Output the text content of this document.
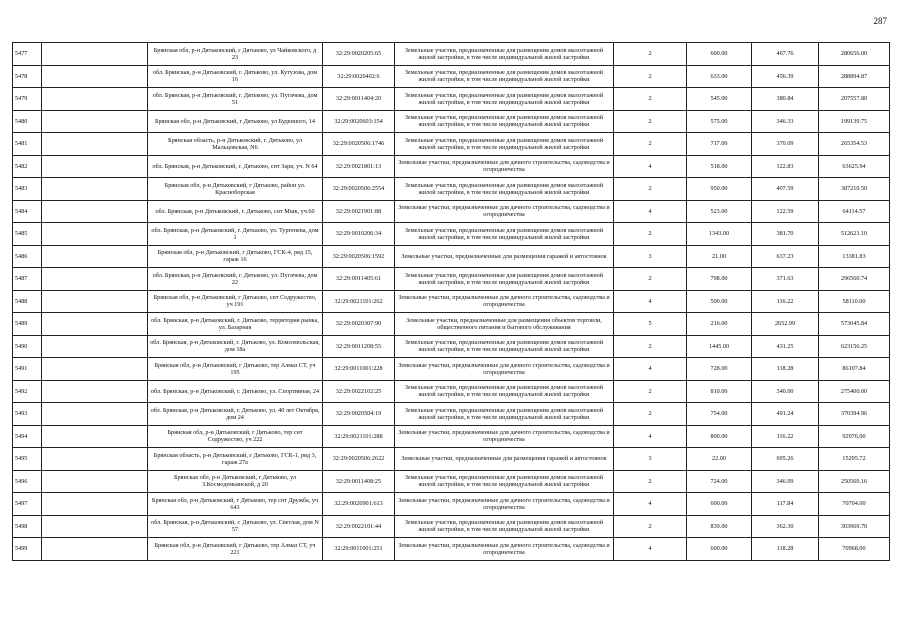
287
5477		Брянская обл, р-н Дятьковский, г Дятьково, ул Чайковского, д 23	32:29:0020205:65	Земельные участки, предназначенные для размещения домов малоэтажной жилой застройки, в том числе индивидуальной жилой застройки	2	600.00	467.76	280656.00
5478		обл. Брянская, р-н Дятьковский, г. Дятьково, ул. Кутузова, дом 16	32:29:0020402:6	Земельные участки, предназначенные для размещения домов малоэтажной жилой застройки, в том числе индивидуальной жилой застройки	2	633.00	456.39	288894.87
5479		обл. Брянская, р-н Дятьковский, г. Дятьково, ул. Пугачева, дом 51	32:29:0011404:20	Земельные участки, предназначенные для размещения домов малоэтажной жилой застройки, в том числе индивидуальной жилой застройки	2	545.00	380.84	207557.80
5480		Брянская обл, р-н Дятьковский, г Дятьково, ул Буденного, 14	32:29:0020603:154	Земельные участки, предназначенные для размещения домов малоэтажной жилой застройки, в том числе индивидуальной жилой застройки	2	575.00	346.33	199139.75
5481		Брянская область, р-н Дятьковский, г. Дятьково, ул Мальцовская, N6	32:29:0020506:1746	Земельные участки, предназначенные для размещения домов малоэтажной жилой застройки, в том числе индивидуальной жилой застройки	2	717.00	370.09	265354.53
5482		обл. Брянская, р-н Дятьковский, г. Дятьково, снт Заря, уч. N 64	32:29:0021801:13	Земельные участки, предназначенные для дачного строительства, садоводства и огородничества	4	518.00	122.83	63625.94
5483		Брянская обл, р-н Дятьковский, г Дятьково, район ул. Красноборская	32:29:0020506:2554	Земельные участки, предназначенные для размещения домов малоэтажной жилой застройки, в том числе индивидуальной жилой застройки	2	950.00	407.59	387210.50
5484		обл. Брянская, р-н Дятьковский, г. Дятьково, снт Мшк, уч.60	32:29:0021901:88	Земельные участки, предназначенные для дачного строительства, садоводства и огородничества	4	523.00	122.59	64114.57
5485		обл. Брянская, р-н Дятьковский, г. Дятьково, ул. Тургенева, дом 1	32:29:0010206:34	Земельные участки, предназначенные для размещения домов малоэтажной жилой застройки, в том числе индивидуальной жилой застройки	2	1343.00	381.70	512623.10
5486		Брянская обл, р-н Дятьковский, г Дятьково, ГСК-4, ряд 15, гараж 16	32:29:0020506:1592	Земельные участки, предназначенные для размещения гаражей и автостоянок	3	21.00	637.23	13381.83
5487		обл. Брянская, р-н Дятьковский, г. Дятьково, ул. Пугачева, дом 22	32:29:0011405:61	Земельные участки, предназначенные для размещения домов малоэтажной жилой застройки, в том числе индивидуальной жилой застройки	2	798.00	371.63	296560.74
5488		Брянская обл, р-н Дятьковский, г Дятьково, снт Содружество, уч 191	32:29:0021101:262	Земельные участки, предназначенные для дачного строительства, садоводства и огородничества	4	500.00	116.22	58110.00
5489		обл. Брянская, р-н Дятьковский, г. Дятьково, территория рынка, ул. Базарная	32:29:0020307:90	Земельные участки, предназначенные для размещения объектов торговли, общественного питания и бытового обслуживания	5	216.00	2652.99	573045.84
5490		обл. Брянская, р-н Дятьковский, г. Дятьково, ул. Комсомольская, дом 18а	32:29:0011208:55	Земельные участки, предназначенные для размещения домов малоэтажной жилой застройки, в том числе индивидуальной жилой застройки	2	1445.00	431.25	623156.25
5491		Брянская обл, р-н Дятьковский, г Дятьково, тер Алмаз СТ, уч 195	32:29:0011001:228	Земельные участки, предназначенные для дачного строительства, садоводства и огородничества	4	728.00	118.28	86107.84
5492		обл. Брянская, р-н Дятьковский, г. Дятьково, ул. Спортивная, 24	32:29:0022102:25	Земельные участки, предназначенные для размещения домов малоэтажной жилой застройки, в том числе индивидуальной жилой застройки	2	810.00	340.00	275400.00
5493		обл. Брянская, р-н Дятьковский, г. Дятьково, ул. 40 лет Октября, дом 24	32:29:0020504:19	Земельные участки, предназначенные для размещения домов малоэтажной жилой застройки, в том числе индивидуальной жилой застройки	2	754.00	491.24	370394.96
5494		Брянская обл, р-н Дятьковский, г Дятьково, тер снт Содружество, уч 222	32:29:0021101:288	Земельные участки, предназначенные для дачного строительства, садоводства и огородничества	4	800.00	116.22	92976.00
5495		Брянская область, р-н Дятьковский, г Дятьково, ГСК-1, ряд 3, гараж 27а	32:29:0020506:2622	Земельные участки, предназначенные для размещения гаражей и автостоянок	3	22.00	695.26	15295.72
5496		Брянская обл, р-н Дятьковский, г Дятьково, ул З.Космодемьянской, д 20	32:29:0011408:25	Земельные участки, предназначенные для размещения домов малоэтажной жилой застройки, в том числе индивидуальной жилой застройки	2	724.00	346.09	250569.16
5497		Брянская обл, р-н Дятьковский, г Дятьково, тер снт Дружба, уч 643	32:29:0020901:613	Земельные участки, предназначенные для дачного строительства, садоводства и огородничества	4	600.00	117.84	70704.00
5498		обл. Брянская, р-н Дятьковский, г. Дятьково, ул. Светлая, дом N 57	32:29:0022101:44	Земельные участки, предназначенные для размещения домов малоэтажной жилой застройки, в том числе индивидуальной жилой застройки	2	839.00	362.30	303969.70
5499		Брянская обл, р-н Дятьковский, г Дятьково, тер Алмаз СТ, уч 221	32:29:0011001:251	Земельные участки, предназначенные для дачного строительства, садоводства и огородничества	4	600.00	118.28	70968.00
